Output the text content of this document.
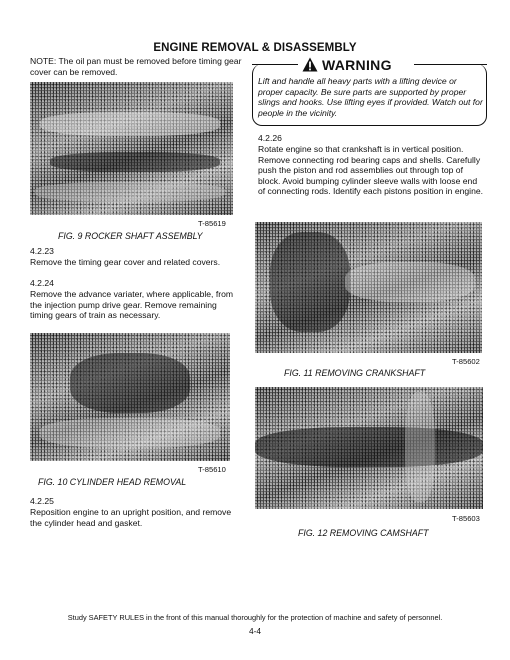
ENGINE REMOVAL & DISASSEMBLY
NOTE: The oil pan must be removed before timing gear cover can be removed.	WARNING
Lift and handle all heavy parts with a lifting device or proper capacity. Be sure parts are supported by proper slings and hooks. Use lifting eyes if provided. Watch out for people in the vicinity.
T-85619
FIG. 9 ROCKER SHAFT ASSEMBLY
4.2.23
Remove the timing gear cover and related covers.
4.2.24
Remove the advance variater, where applicable, from the injection pump drive gear. Remove remaining timing gears of train as necessary.
T-85610
FIG. 10 CYLINDER HEAD REMOVAL
4.2.25
Reposition engine to an upright position, and remove the cylinder head and gasket.
4.2.26
Rotate engine so that crankshaft is in vertical position. Remove connecting rod bearing caps and shells. Carefully push the piston and rod assemblies out through top of block. Avoid bumping cylinder sleeve walls with loose end of connecting rods. Identify each pistons position in engine.
T-85602
FIG. 11 REMOVING CRANKSHAFT
T-85603
FIG. 12 REMOVING CAMSHAFT
Study SAFETY RULES in the front of this manual thoroughly for the protection of machine and safety of personnel.
4-4
